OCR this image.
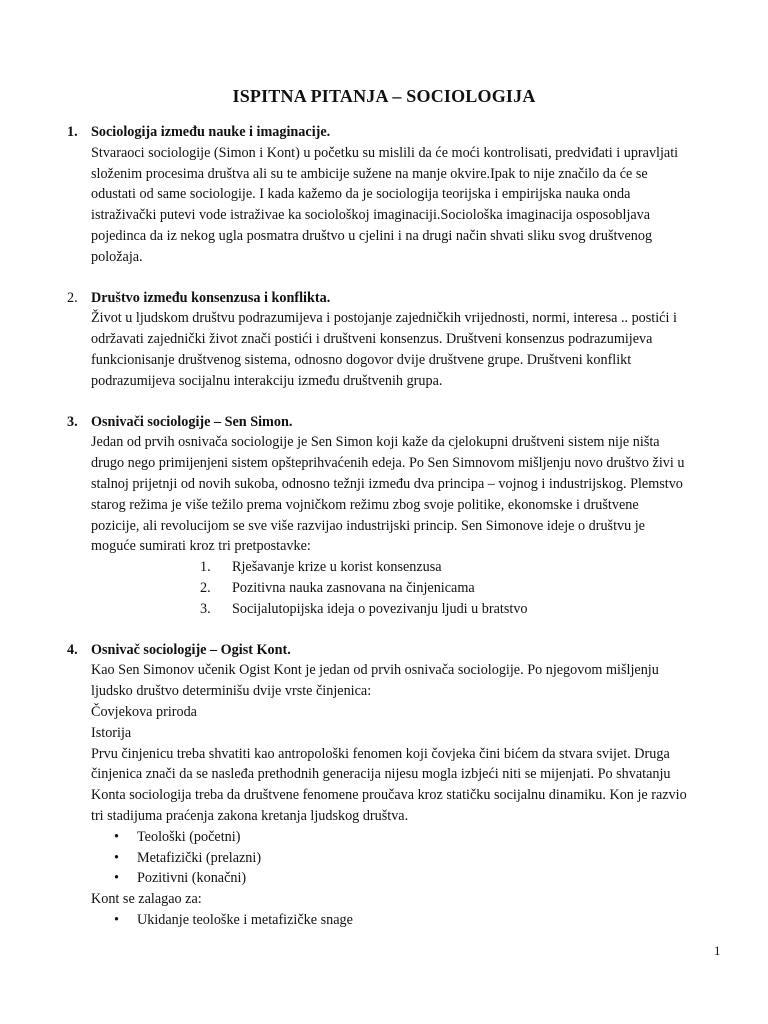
ISPITNA PITANJA – SOCIOLOGIJA
1. Sociologija između nauke i imaginacije.
Stvaraoci sociologije (Simon i Kont) u početku su mislili da će moći kontrolisati, predviđati i upravljati
složenim procesima društva ali su te ambicije sužene na manje okvire.Ipak to nije značilo da će se
odustati od same sociologije. I kada kažemo da je sociologija teorijska i empirijska nauka onda
istraživački putevi vode istraživae ka sociološkoj imaginaciji.Sociološka imaginacija osposobljava
pojedinca da iz nekog ugla posmatra društvo u cjelini i na drugi način shvati sliku svog društvenog
položaja.
2. Društvo između konsenzusa i konflikta.
Život u ljudskom društvu podrazumijeva i postojanje zajedničkih vrijednosti, normi, interesa .. postići i
održavati zajednički život znači postići i društveni konsenzus. Društveni konsenzus podrazumijeva
funkcionisanje društvenog sistema, odnosno dogovor dvije društvene grupe. Društveni konflikt
podrazumijeva socijalnu interakciju između društvenih grupa.
3. Osnivači sociologije – Sen Simon.
Jedan od prvih osnivača sociologije je Sen Simon koji kaže da cjelokupni društveni sistem nije ništa
drugo nego primijenjeni sistem opšteprihvaćenih edeja. Po Sen Simnovom mišljenju novo društvo živi u
stalnoj prijetnji od novih sukoba, odnosno težnji između dva principa – vojnog i industrijskog. Plemstvo
starog režima je više težilo prema vojničkom režimu zbog svoje politike, ekonomske i društvene
pozicije, ali revolucijom se sve više razvijao industrijski princip. Sen Simonove ideje o društvu je
moguće sumirati kroz tri pretpostavke:
1.	Rješavanje krize u korist konsenzusa
2.	Pozitivna nauka zasnovana na činjenicama
3.	Socijalutopijska ideja o povezivanju ljudi u bratstvo
4. Osnivač sociologije – Ogist Kont.
Kao Sen Simonov učenik Ogist Kont je jedan od prvih osnivača sociologije. Po njegovom mišljenju
ljudsko društvo determinišu dvije vrste činjenica:
Čovjekova priroda
Istorija
Prvu činjenicu treba shvatiti kao antropološki fenomen koji čovjeka čini bićem da stvara svijet. Druga
činjenica znači da se nasleđa prethodnih generacija nijesu mogla izbjeći niti se mijenjati. Po shvatanju
Konta sociologija treba da društvene fenomene proučava kroz statičku socijalnu dinamiku. Kon je razvio
tri stadijuma praćenja zakona kretanja ljudskog društva.
•	Teološki (početni)
•	Metafizički (prelazni)
•	Pozitivni (konačni)
Kont se zalagao za:
•	Ukidanje teološke i metafizičke snage
1
